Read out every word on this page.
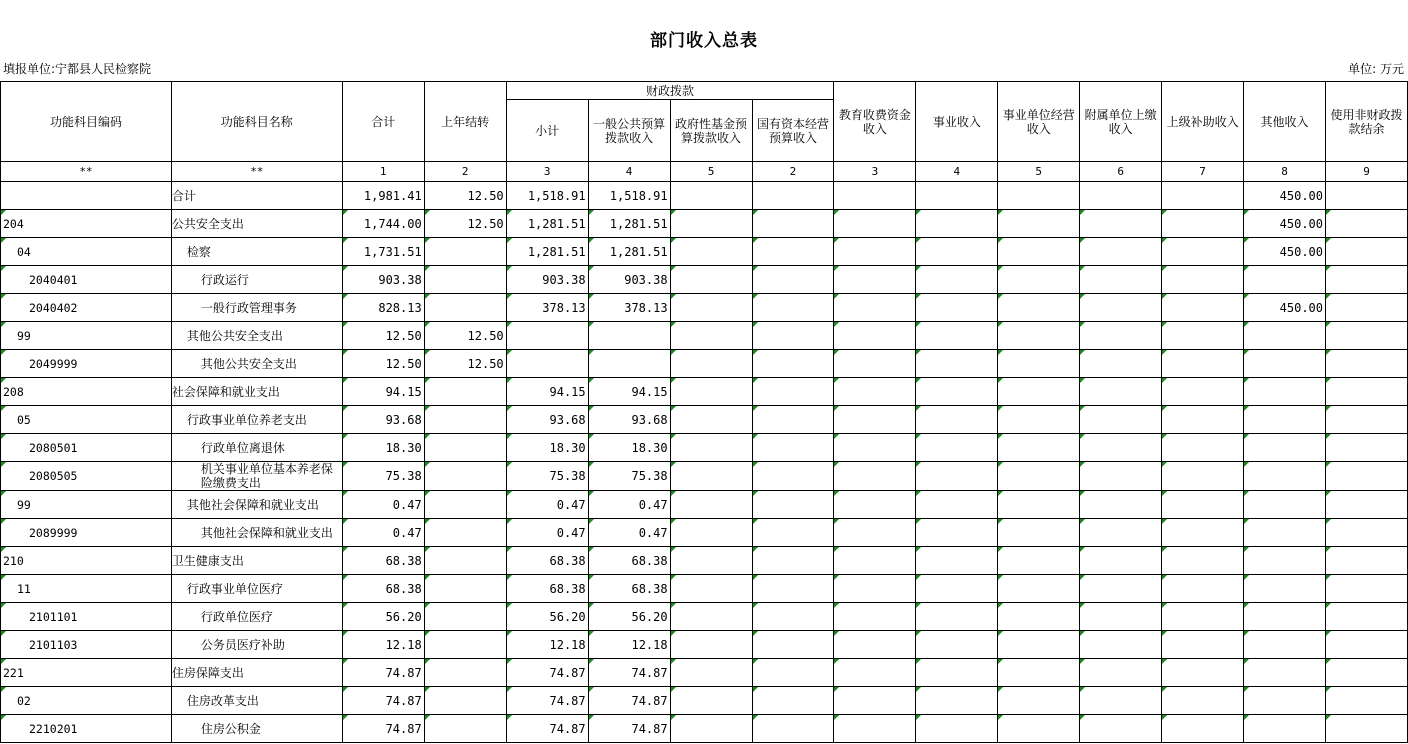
部门收入总表
填报单位:宁都县人民检察院	单位: 万元
功能科目编码	功能科目名称	合计	上年结转	财政拨款				教育收费资金收入	事业收入	事业单位经营收入	附属单位上缴收入	上级补助收入	其他收入	使用非财政拨款结余
				小计	一般公共预算拨款收入	政府性基金预算拨款收入	国有资本经营预算收入							
**	**	1	2	3	4	5	2	3	4	5	6	7	8	9
	合计	1,981.41	12.50	1,518.91	1,518.91								450.00	
204	公共安全支出	1,744.00	12.50	1,281.51	1,281.51								450.00	
04	检察	1,731.51		1,281.51	1,281.51								450.00	
2040401	行政运行	903.38		903.38	903.38									
2040402	一般行政管理事务	828.13		378.13	378.13								450.00	
99	其他公共安全支出	12.50	12.50											
2049999	其他公共安全支出	12.50	12.50											
208	社会保障和就业支出	94.15		94.15	94.15									
05	行政事业单位养老支出	93.68		93.68	93.68									
2080501	行政单位离退休	18.30		18.30	18.30									
2080505	机关事业单位基本养老保险缴费支出	75.38		75.38	75.38									
99	其他社会保障和就业支出	0.47		0.47	0.47									
2089999	其他社会保障和就业支出	0.47		0.47	0.47									
210	卫生健康支出	68.38		68.38	68.38									
11	行政事业单位医疗	68.38		68.38	68.38									
2101101	行政单位医疗	56.20		56.20	56.20									
2101103	公务员医疗补助	12.18		12.18	12.18									
221	住房保障支出	74.87		74.87	74.87									
02	住房改革支出	74.87		74.87	74.87									
2210201	住房公积金	74.87		74.87	74.87									
